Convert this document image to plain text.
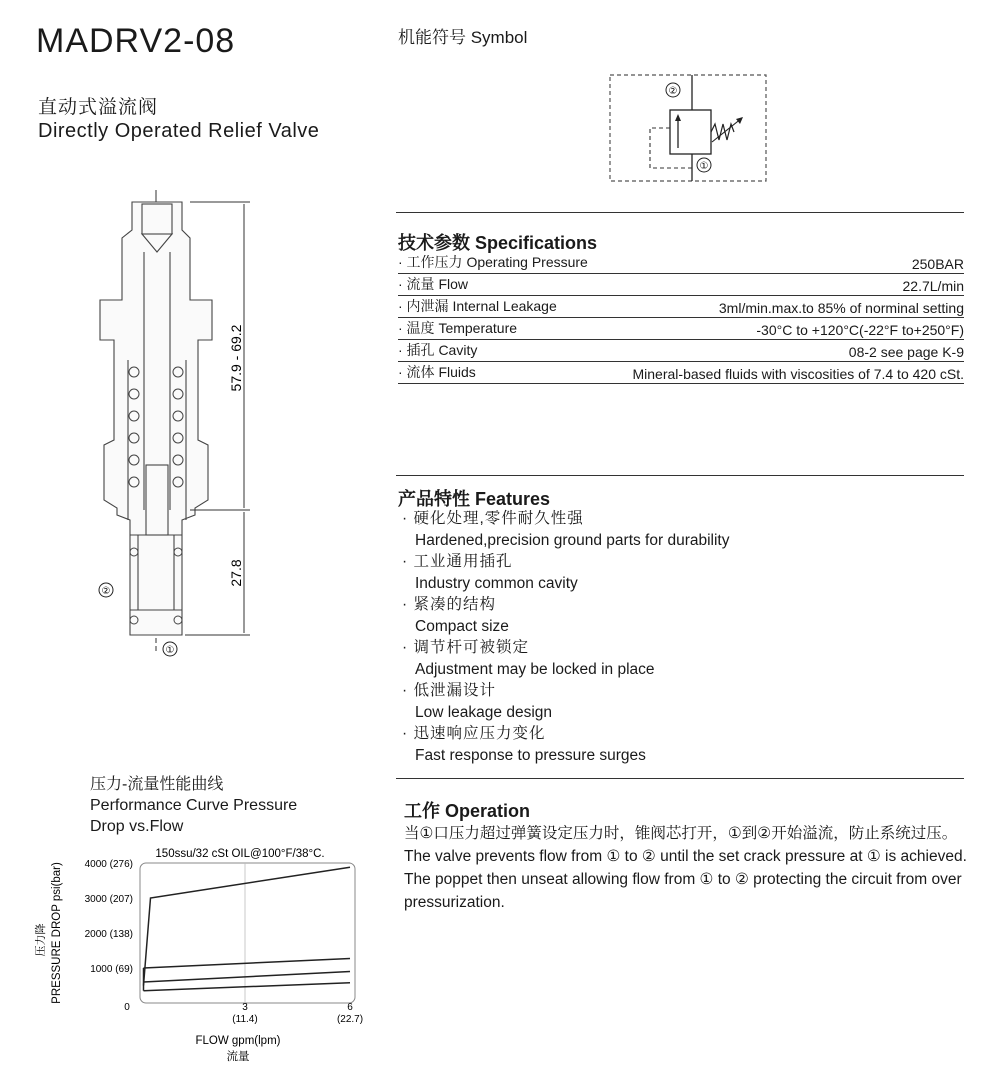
MADRV2-08
直动式溢流阀
Directly Operated Relief Valve
机能符号 Symbol
②
①
57.9 - 69.2
27.8
②
①
技术参数 Specifications
· 工作压力 Operating Pressure	250BAR
· 流量 Flow	22.7L/min
· 内泄漏 Internal Leakage	3ml/min.max.to 85% of norminal setting
· 温度 Temperature	-30°C to +120°C(-22°F to+250°F)
· 插孔 Cavity	08-2 see page K-9
· 流体 Fluids	Mineral-based fluids with viscosities of 7.4 to 420 cSt.
产品特性 Features
· 硬化处理,零件耐久性强
Hardened,precision ground parts for durability
· 工业通用插孔
Industry common cavity
· 紧凑的结构
Compact size
· 调节杆可被锁定
Adjustment may be locked in place
· 低泄漏设计
Low leakage design
· 迅速响应压力变化
Fast response to pressure surges
工作 Operation
当①口压力超过弹簧设定压力时，锥阀芯打开，①到②开始溢流，防止系统过压。
The valve prevents flow from ① to ② until the set crack pressure at ① is achieved. The poppet then unseat allowing flow from ① to ② protecting the circuit from over pressurization.
压力-流量性能曲线
Performance Curve Pressure
Drop vs.Flow
150ssu/32 cSt OIL@100°F/38°C.
压力降 PRESSURE DROP psi(bar)
FLOW gpm(lpm)
流量
1000 (69)
2000 (138)
3000 (207)
4000 (276)
0	3
(11.4)
6
(22.7)
